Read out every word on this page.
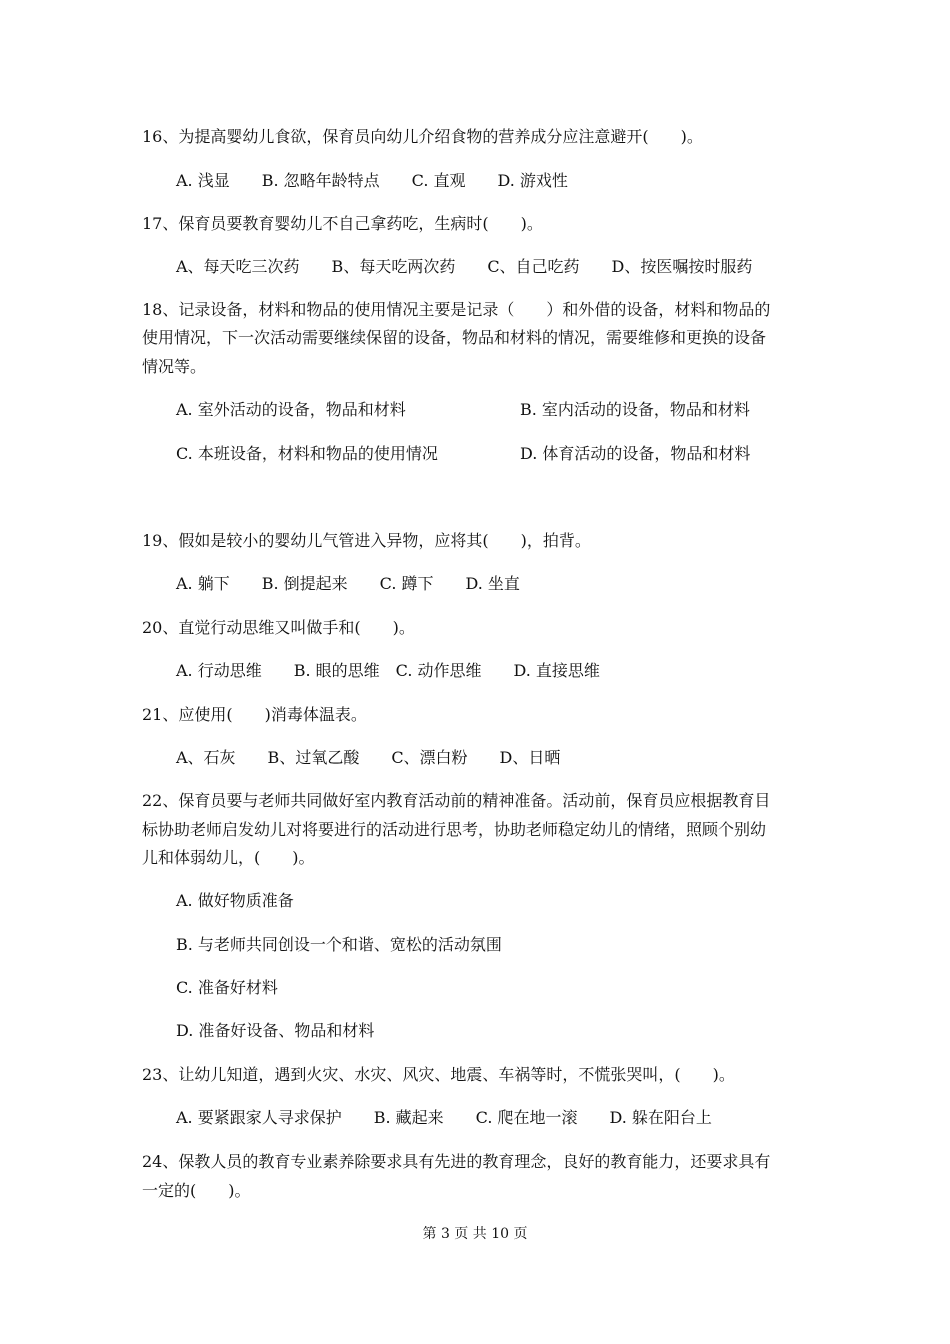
16、为提高婴幼儿食欲，保育员向幼儿介绍食物的营养成分应注意避开(　　)。
A. 浅显　　B. 忽略年龄特点　　C. 直观　　D. 游戏性
17、保育员要教育婴幼儿不自己拿药吃，生病时(　　)。
A、每天吃三次药　　B、每天吃两次药　　C、自己吃药　　D、按医嘱按时服药
18、记录设备，材料和物品的使用情况主要是记录（　　）和外借的设备，材料和物品的
使用情况，下一次活动需要继续保留的设备，物品和材料的情况，需要维修和更换的设备
情况等。
A. 室外活动的设备，物品和材料	B. 室内活动的设备，物品和材料
C. 本班设备，材料和物品的使用情况	D. 体育活动的设备，物品和材料
19、假如是较小的婴幼儿气管进入异物，应将其(　　)，拍背。
A. 躺下　　B. 倒提起来　　C. 蹲下　　D. 坐直
20、直觉行动思维又叫做手和(　　)。
A. 行动思维　　B. 眼的思维　C. 动作思维　　D. 直接思维
21、应使用(　　)消毒体温表。
A、石灰　　B、过氧乙酸　　C、漂白粉　　D、日晒
22、保育员要与老师共同做好室内教育活动前的精神准备。活动前，保育员应根据教育目
标协助老师启发幼儿对将要进行的活动进行思考，协助老师稳定幼儿的情绪，照顾个别幼
儿和体弱幼儿，(　　)。
A. 做好物质准备
B. 与老师共同创设一个和谐、宽松的活动氛围
C. 准备好材料
D. 准备好设备、物品和材料
23、让幼儿知道，遇到火灾、水灾、风灾、地震、车祸等时，不慌张哭叫，(　　)。
A. 要紧跟家人寻求保护　　B. 藏起来　　C. 爬在地一滚　　D. 躲在阳台上
24、保教人员的教育专业素养除要求具有先进的教育理念，良好的教育能力，还要求具有
一定的(　　)。
第 3 页 共 10 页
